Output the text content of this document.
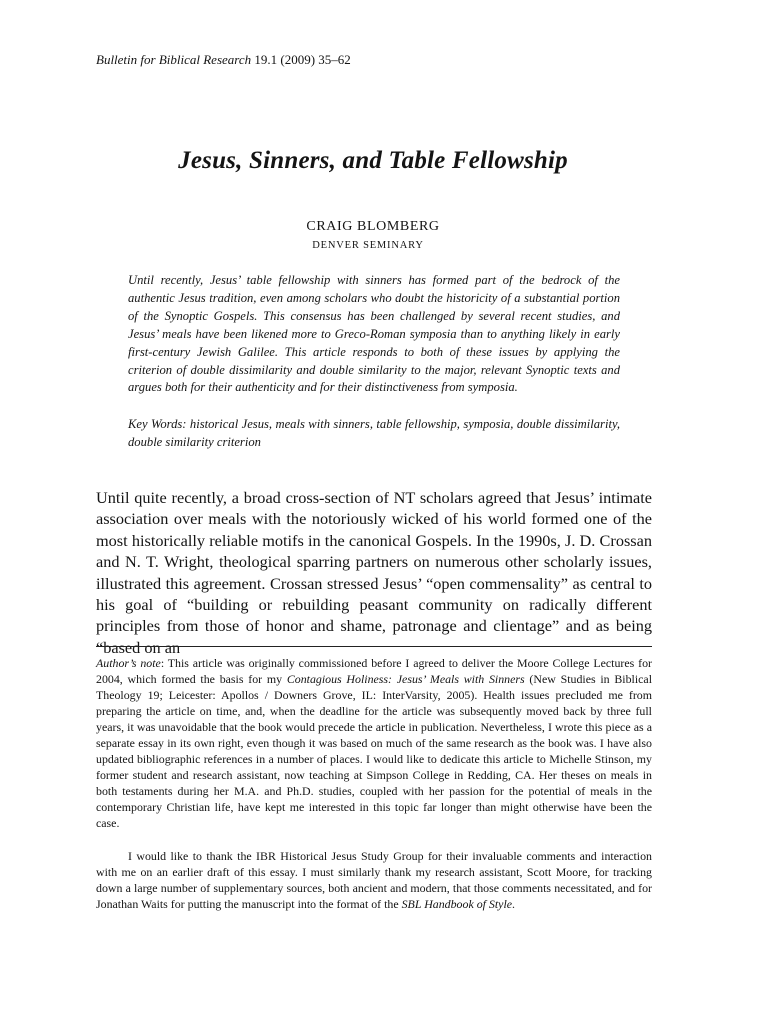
Bulletin for Biblical Research 19.1 (2009) 35–62
Jesus, Sinners, and Table Fellowship
CRAIG BLOMBERG
DENVER SEMINARY

Until recently, Jesus’ table fellowship with sinners has formed part of the bedrock of the authentic Jesus tradition, even among scholars who doubt the historicity of a substantial portion of the Synoptic Gospels. This consensus has been challenged by several recent studies, and Jesus’ meals have been likened more to Greco-Roman symposia than to anything likely in early first-century Jewish Galilee. This article responds to both of these issues by applying the criterion of double dissimilarity and double similarity to the major, relevant Synoptic texts and argues both for their authenticity and for their distinctiveness from symposia.

Key Words: historical Jesus, meals with sinners, table fellowship, symposia, double dissimilarity, double similarity criterion

Until quite recently, a broad cross-section of NT scholars agreed that Jesus’ intimate association over meals with the notoriously wicked of his world formed one of the most historically reliable motifs in the canonical Gospels. In the 1990s, J. D. Crossan and N. T. Wright, theological sparring partners on numerous other scholarly issues, illustrated this agreement. Crossan stressed Jesus’ “open commensality” as central to his goal of “building or rebuilding peasant community on radically different principles from those of honor and shame, patronage and clientage” and as being “based on an

Author’s note: This article was originally commissioned before I agreed to deliver the Moore College Lectures for 2004, which formed the basis for my Contagious Holiness: Jesus’ Meals with Sinners (New Studies in Biblical Theology 19; Leicester: Apollos / Downers Grove, IL: InterVarsity, 2005). Health issues precluded me from preparing the article on time, and, when the deadline for the article was subsequently moved back by three full years, it was unavoidable that the book would precede the article in publication. Nevertheless, I wrote this piece as a separate essay in its own right, even though it was based on much of the same research as the book was. I have also updated bibliographic references in a number of places. I would like to dedicate this article to Michelle Stinson, my former student and research assistant, now teaching at Simpson College in Redding, CA. Her theses on meals in both testaments during her M.A. and Ph.D. studies, coupled with her passion for the potential of meals in the contemporary Christian life, have kept me interested in this topic far longer than might otherwise have been the case.

I would like to thank the IBR Historical Jesus Study Group for their invaluable comments and interaction with me on an earlier draft of this essay. I must similarly thank my research assistant, Scott Moore, for tracking down a large number of supplementary sources, both ancient and modern, that those comments necessitated, and for Jonathan Waits for putting the manuscript into the format of the SBL Handbook of Style.
